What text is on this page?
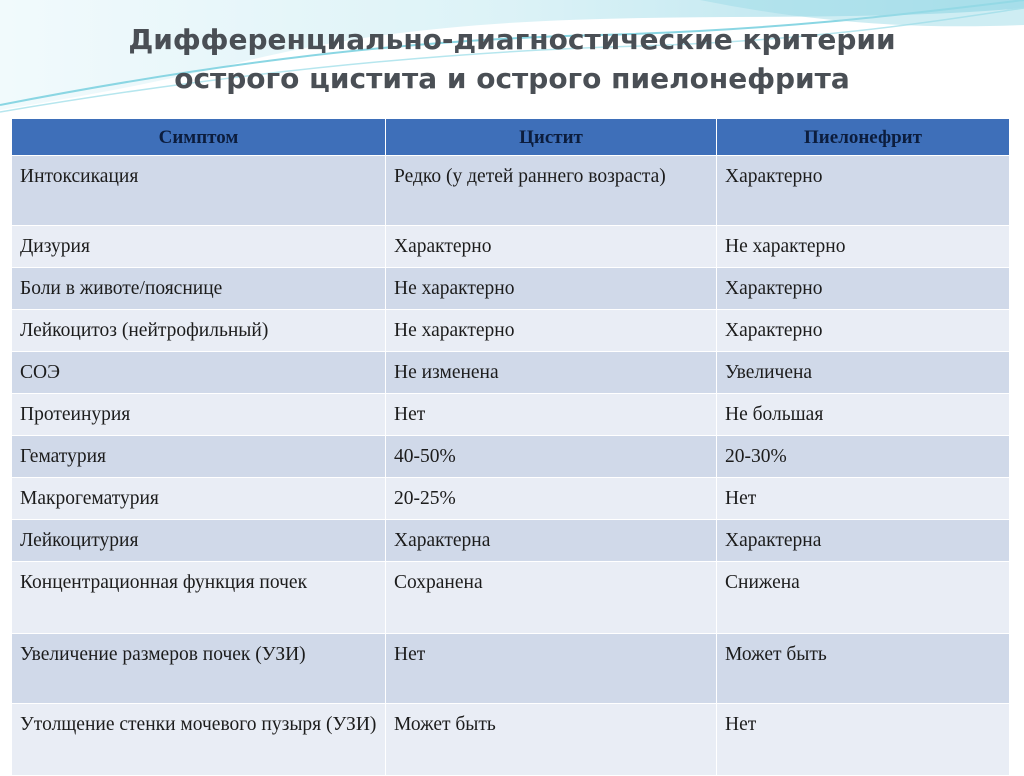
Дифференциально-диагностические критерии
острого цистита и острого пиелонефрита
Симптом	Цистит	Пиелонефрит
Интоксикация	Редко (у детей раннего возраста)	Характерно
Дизурия	Характерно	Не характерно
Боли в животе/пояснице	Не характерно	Характерно
Лейкоцитоз (нейтрофильный)	Не характерно	Характерно
СОЭ	Не изменена	Увеличена
Протеинурия	Нет	Не большая
Гематурия	40-50%	20-30%
Макрогематурия	20-25%	Нет
Лейкоцитурия	Характерна	Характерна
Концентрационная функция почек	Сохранена	Снижена
Увеличение размеров почек (УЗИ)	Нет	Может быть
Утолщение стенки мочевого пузыря (УЗИ)	Может быть	Нет
